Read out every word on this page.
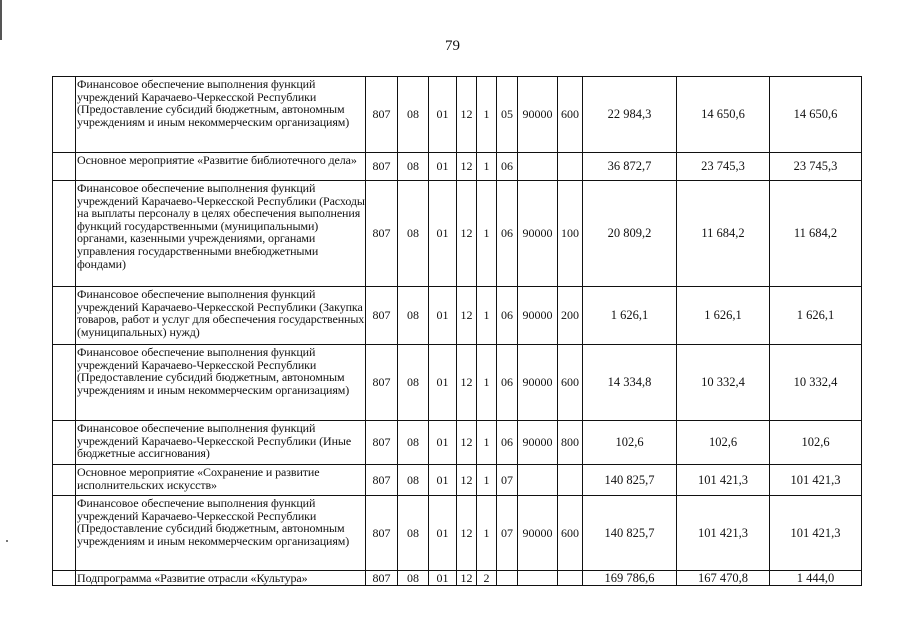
79
	Финансовое обеспечение выполнения функций учреждений Карачаево-Черкесской Республики (Предоставление субсидий бюджетным, автономным учреждениям и иным некоммерческим организациям)	807	08	01	12	1	05	90000	600	22 984,3	14 650,6	14 650,6
	Основное мероприятие «Развитие библиотечного дела»	807	08	01	12	1	06			36 872,7	23 745,3	23 745,3
	Финансовое обеспечение выполнения функций учреждений Карачаево-Черкесской Республики (Расходы на выплаты персоналу в целях обеспечения выполнения функций государственными (муниципальными) органами, казенными учреждениями, органами управления государственными внебюджетными фондами)	807	08	01	12	1	06	90000	100	20 809,2	11 684,2	11 684,2
	Финансовое обеспечение выполнения функций учреждений Карачаево-Черкесской Республики (Закупка товаров, работ и услуг для обеспечения государственных (муниципальных) нужд)	807	08	01	12	1	06	90000	200	1 626,1	1 626,1	1 626,1
	Финансовое обеспечение выполнения функций учреждений Карачаево-Черкесской Республики (Предоставление субсидий бюджетным, автономным учреждениям и иным некоммерческим организациям)	807	08	01	12	1	06	90000	600	14 334,8	10 332,4	10 332,4
	Финансовое обеспечение выполнения функций учреждений Карачаево-Черкесской Республики (Иные бюджетные ассигнования)	807	08	01	12	1	06	90000	800	102,6	102,6	102,6
	Основное мероприятие «Сохранение и развитие исполнительских искусств»	807	08	01	12	1	07			140 825,7	101 421,3	101 421,3
	Финансовое обеспечение выполнения функций учреждений Карачаево-Черкесской Республики (Предоставление субсидий бюджетным, автономным учреждениям и иным некоммерческим организациям)	807	08	01	12	1	07	90000	600	140 825,7	101 421,3	101 421,3
	Подпрограмма «Развитие отрасли «Культура»	807	08	01	12	2				169 786,6	167 470,8	1 444,0
